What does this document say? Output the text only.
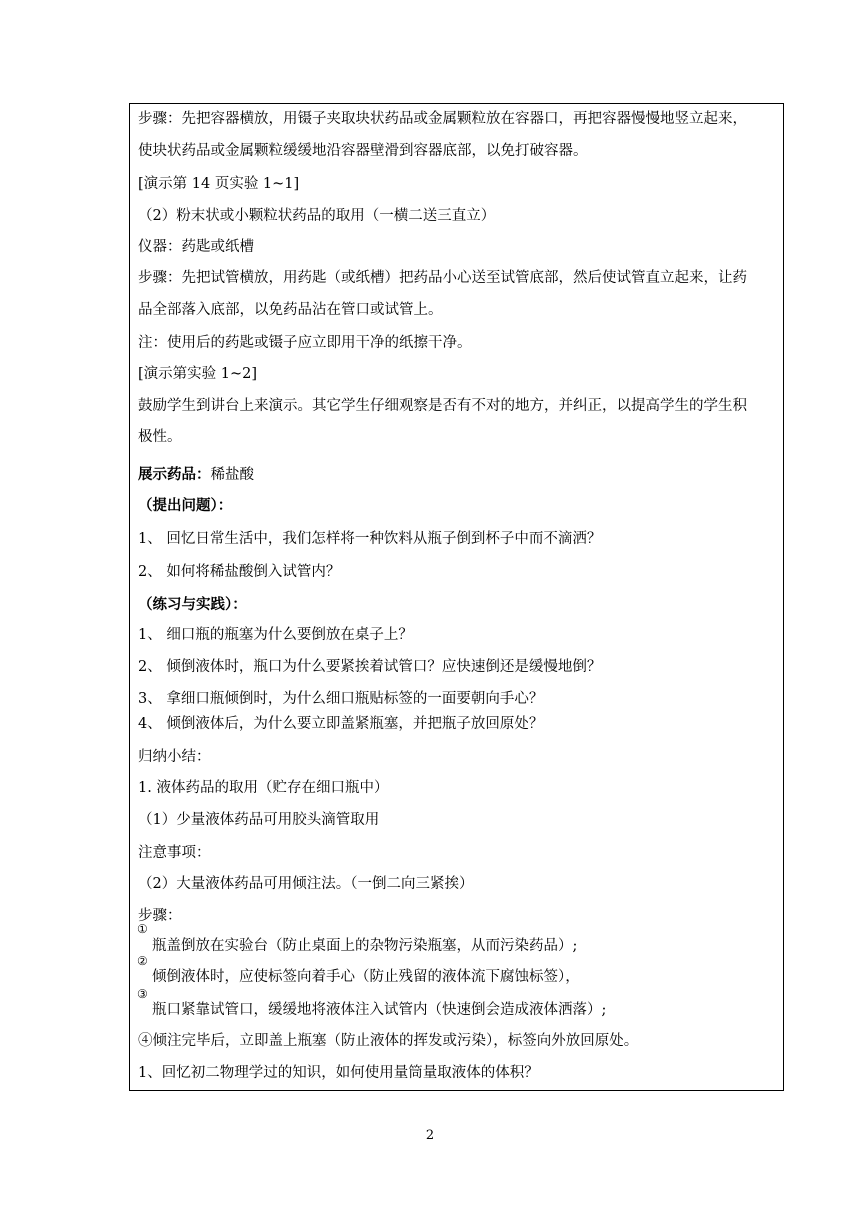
步骤：先把容器横放，用镊子夹取块状药品或金属颗粒放在容器口，再把容器慢慢地竖立起来，
使块状药品或金属颗粒缓缓地沿容器壁滑到容器底部，以免打破容器。
[演示第 14 页实验 1~1]
（2）粉末状或小颗粒状药品的取用（一横二送三直立）
仪器：药匙或纸槽
步骤：先把试管横放，用药匙（或纸槽）把药品小心送至试管底部，然后使试管直立起来，让药
品全部落入底部，以免药品沾在管口或试管上。
注：使用后的药匙或镊子应立即用干净的纸擦干净。
[演示第实验 1~2]
鼓励学生到讲台上来演示。其它学生仔细观察是否有不对的地方，并纠正，以提高学生的学生积
极性。
展示药品：稀盐酸
（提出问题）：
1、 回忆日常生活中，我们怎样将一种饮料从瓶子倒到杯子中而不滴洒？
2、 如何将稀盐酸倒入试管内？
（练习与实践）：
1、 细口瓶的瓶塞为什么要倒放在桌子上？
2、 倾倒液体时，瓶口为什么要紧挨着试管口？应快速倒还是缓慢地倒？
3、 拿细口瓶倾倒时，为什么细口瓶贴标签的一面要朝向手心？
4、 倾倒液体后，为什么要立即盖紧瓶塞，并把瓶子放回原处？
归纳小结：
1. 液体药品的取用（贮存在细口瓶中）
（1）少量液体药品可用胶头滴管取用
注意事项：
（2）大量液体药品可用倾注法。（一倒二向三紧挨）
步骤：
①
瓶盖倒放在实验台（防止桌面上的杂物污染瓶塞，从而污染药品）;
②
倾倒液体时，应使标签向着手心（防止残留的液体流下腐蚀标签），
③
瓶口紧靠试管口，缓缓地将液体注入试管内（快速倒会造成液体洒落）;
④倾注完毕后，立即盖上瓶塞（防止液体的挥发或污染），标签向外放回原处。
1、回忆初二物理学过的知识，如何使用量筒量取液体的体积？
2
